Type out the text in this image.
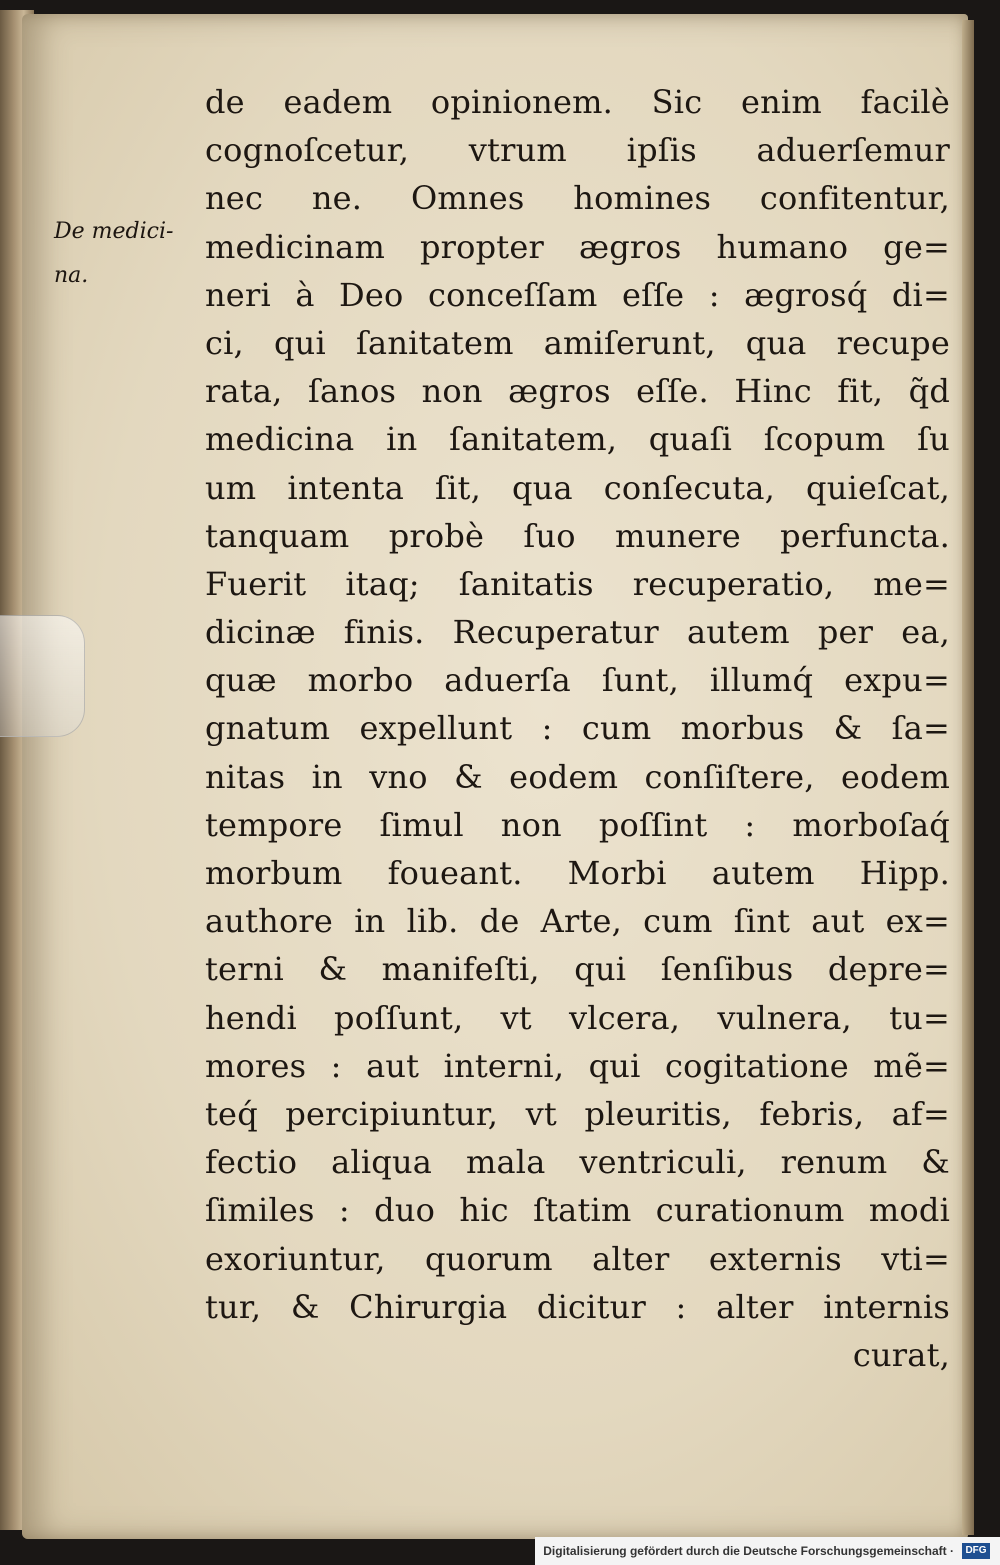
De medici-
na.

de eadem opinionem. Sic enim facilè
cognoſcetur, vtrum ipſis aduerſemur
nec ne. Omnes homines confitentur,
medicinam propter ægros humano ge=
neri à Deo conceſſam eſſe : ægrosq́ di=
ci, qui ſanitatem amiſerunt, qua recupe
rata, ſanos non ægros eſſe. Hinc fit, q̃d
medicina in ſanitatem, quaſi ſcopum ſu
um intenta ſit, qua conſecuta, quieſcat,
tanquam probè ſuo munere perfuncta.
Fuerit itaq; ſanitatis recuperatio, me=
dicinæ finis. Recuperatur autem per ea,
quæ morbo aduerſa ſunt, illumq́ expu=
gnatum expellunt : cum morbus & ſa=
nitas in vno & eodem conſiſtere, eodem
tempore ſimul non poſſint : morboſaq́
morbum foueant. Morbi autem Hipp.
authore in lib. de Arte, cum ſint aut ex=
terni & manifeſti, qui ſenſibus depre=
hendi poſſunt, vt vlcera, vulnera, tu=
mores : aut interni, qui cogitatione mẽ=
teq́ percipiuntur, vt pleuritis, febris, af=
fectio aliqua mala ventriculi, renum &
ſimiles : duo hic ſtatim curationum modi
exoriuntur, quorum alter externis vti=
tur, & Chirurgia dicitur : alter internis
curat,
Digitalisierung gefördert durch die Deutsche Forschungsgemeinschaft ·	DFG
